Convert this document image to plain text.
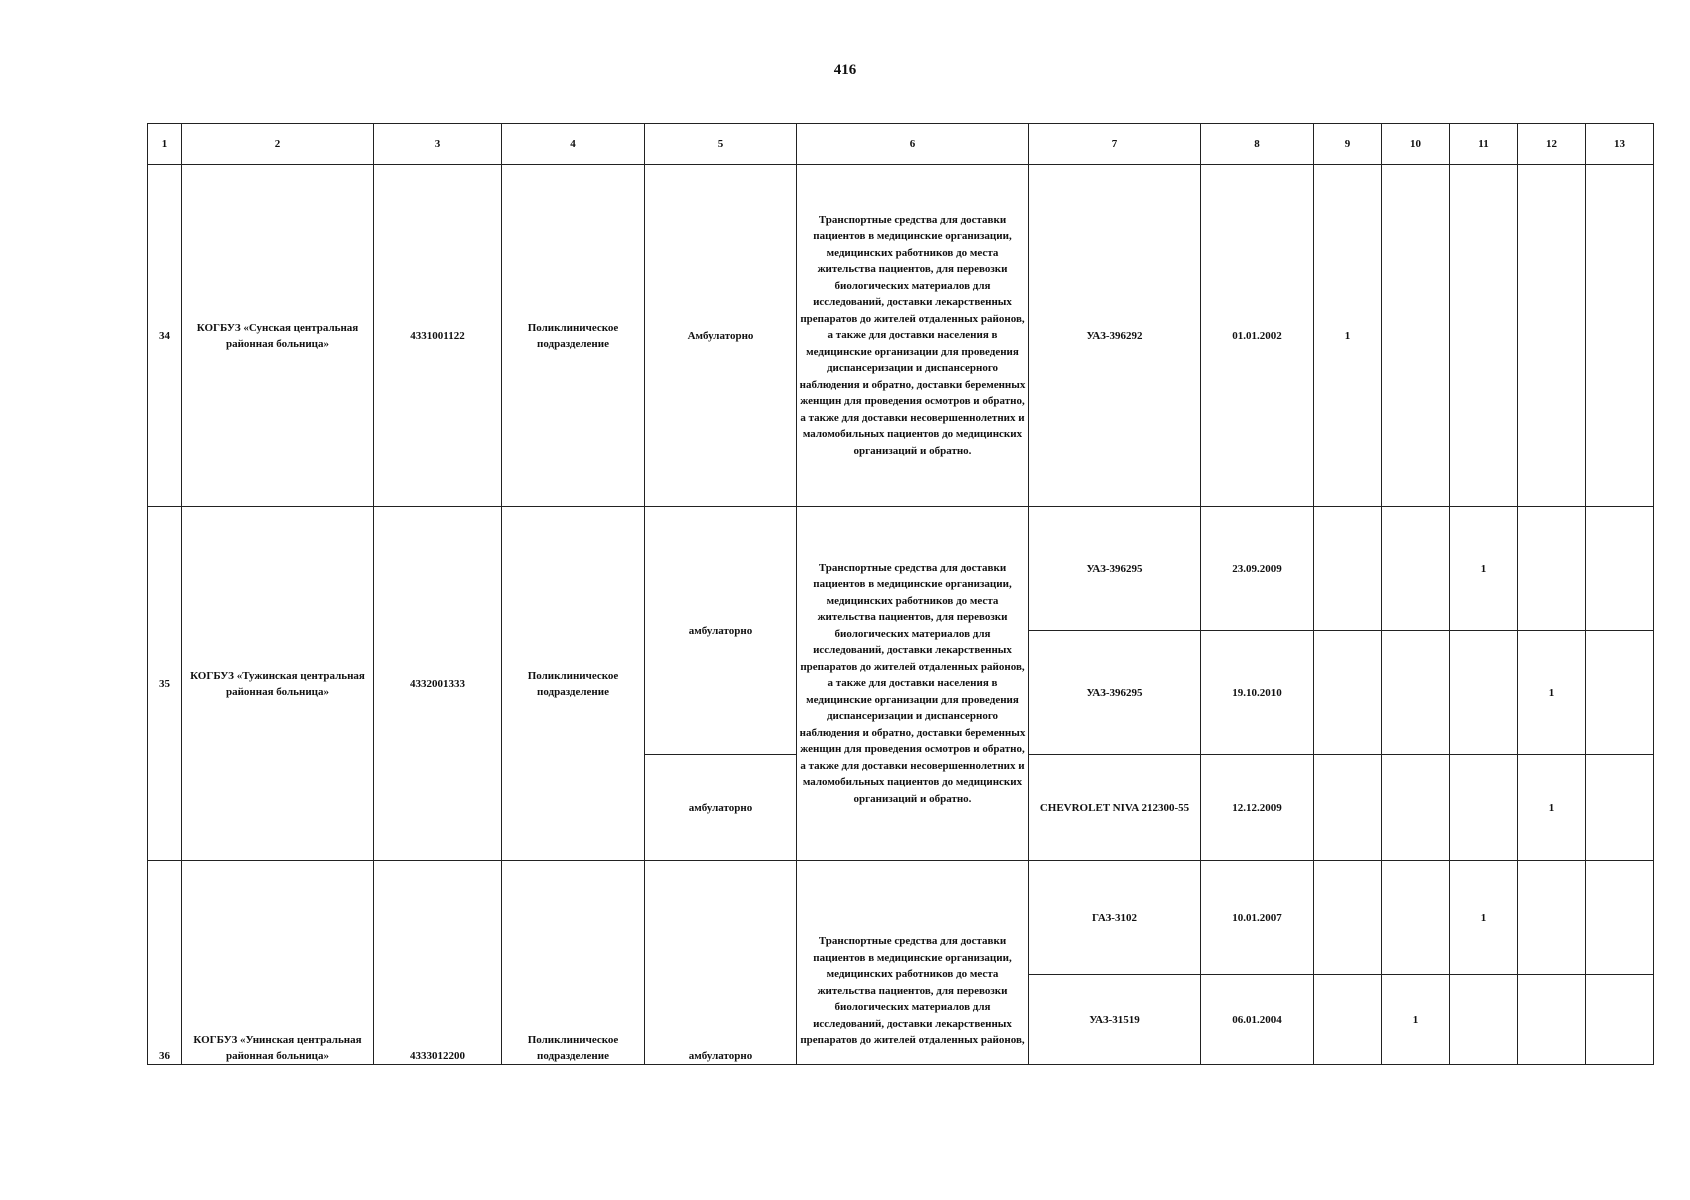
416
1	2	3	4	5	6	7	8	9	10	11	12	13
34	КОГБУЗ «Сунская центральная районная больница»	4331001122	Поликлиническое подразделение	Амбулаторно	Транспортные средства для доставки пациентов в медицинские организации, медицинских работников до места жительства пациентов, для перевозки биологических материалов для исследований, доставки лекарственных препаратов до жителей отдаленных районов, а также для доставки населения в медицинские организации для проведения диспансеризации и диспансерного наблюдения и обратно, доставки беременных женщин для проведения осмотров и обратно, а также для доставки несовершеннолетних и маломобильных пациентов до медицинских организаций и обратно.	УАЗ-396292	01.01.2002	1				
35	КОГБУЗ «Тужинская центральная районная больница»	4332001333	Поликлиническое подразделение	амбулаторно	Транспортные средства для доставки пациентов в медицинские организации, медицинских работников до места жительства пациентов, для перевозки биологических материалов для исследований, доставки лекарственных препаратов до жителей отдаленных районов, а также для доставки населения в медицинские организации для проведения диспансеризации и диспансерного наблюдения и обратно, доставки беременных женщин для проведения осмотров и обратно, а также для доставки несовершеннолетних и маломобильных пациентов до медицинских организаций и обратно.	УАЗ-396295	23.09.2009			1		
						УАЗ-396295	19.10.2010				1	
				амбулаторно		CHEVROLET NIVA 212300-55	12.12.2009				1	
36	КОГБУЗ «Унинская центральная районная больница»	4333012200	Поликлиническое подразделение	амбулаторно	Транспортные средства для доставки пациентов в медицинские организации, медицинских работников до места жительства пациентов, для перевозки биологических материалов для исследований, доставки лекарственных препаратов до жителей отдаленных районов,	ГАЗ-3102	10.01.2007			1		
						УАЗ-31519	06.01.2004		1			
